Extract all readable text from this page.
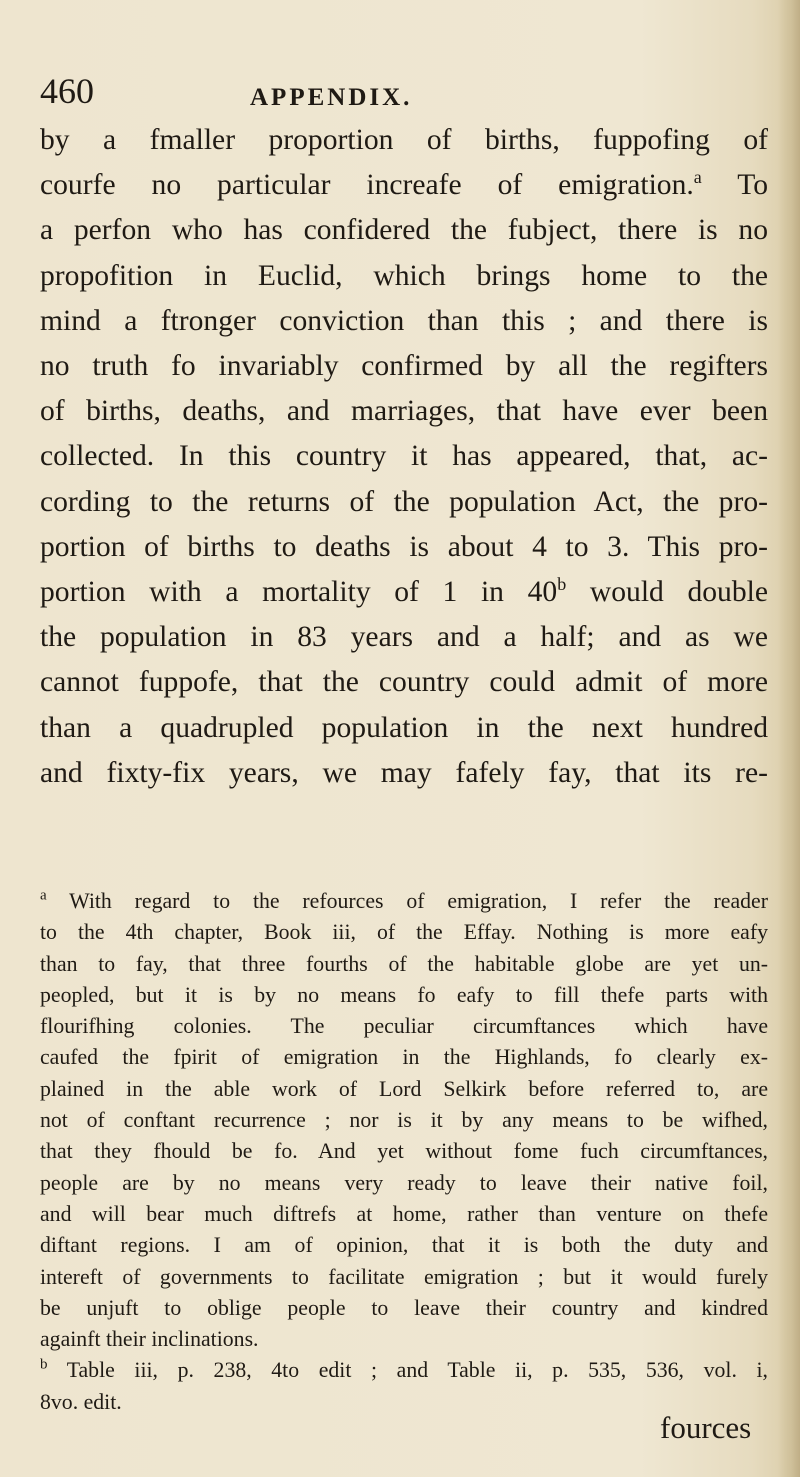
460	APPENDIX.
by a fmaller proportion of births, fuppofing of
courfe no particular increafe of emigration.$^a$ To
a perfon who has confidered the fubject, there is no
propofition in Euclid, which brings home to the
mind a ftronger conviction than this ; and there is
no truth fo invariably confirmed by all the regifters
of births, deaths, and marriages, that have ever been
collected. In this country it has appeared, that, ac-
cording to the returns of the population Act, the pro-
portion of births to deaths is about 4 to 3. This pro-
portion with a mortality of 1 in 40$^b$ would double
the population in 83 years and a half; and as we
cannot fuppofe, that the country could admit of more
than a quadrupled population in the next hundred
and fixty-fix years, we may fafely fay, that its re-
$^a$ With regard to the refources of emigration, I refer the reader
to the 4th chapter, Book iii, of the Effay. Nothing is more eafy
than to fay, that three fourths of the habitable globe are yet un-
peopled, but it is by no means fo eafy to fill thefe parts with
flourifhing colonies. The peculiar circumftances which have
caufed the fpirit of emigration in the Highlands, fo clearly ex-
plained in the able work of Lord Selkirk before referred to, are
not of conftant recurrence ; nor is it by any means to be wifhed,
that they fhould be fo. And yet without fome fuch circumftances,
people are by no means very ready to leave their native foil,
and will bear much diftrefs at home, rather than venture on thefe
diftant regions. I am of opinion, that it is both the duty and
intereft of governments to facilitate emigration ; but it would furely
be unjuft to oblige people to leave their country and kindred
againft their inclinations.
$^b$ Table iii, p. 238, 4to edit ; and Table ii, p. 535, 536, vol. i,
8vo. edit.
fources
